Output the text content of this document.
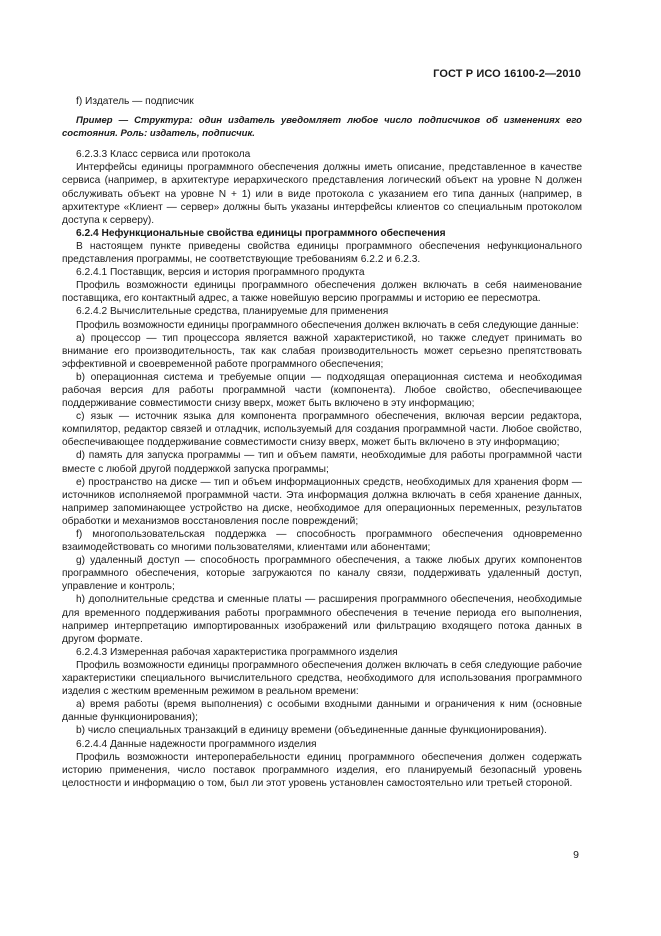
ГОСТ Р ИСО 16100-2—2010

f) Издатель — подписчик

Пример — Структура: один издатель уведомляет любое число подписчиков об изменениях его состояния. Роль: издатель, подписчик.

6.2.3.3 Класс сервиса или протокола

Интерфейсы единицы программного обеспечения должны иметь описание, представленное в качестве сервиса (например, в архитектуре иерархического представления логический объект на уровне N должен обслуживать объект на уровне N + 1) или в виде протокола с указанием его типа данных (например, в архитектуре «Клиент — сервер» должны быть указаны интерфейсы клиентов со специальным протоколом доступа к серверу).

6.2.4 Нефункциональные свойства единицы программного обеспечения

В настоящем пункте приведены свойства единицы программного обеспечения нефункционального представления программы, не соответствующие требованиям 6.2.2 и 6.2.3.

6.2.4.1 Поставщик, версия и история программного продукта

Профиль возможности единицы программного обеспечения должен включать в себя наименование поставщика, его контактный адрес, а также новейшую версию программы и историю ее пересмотра.

6.2.4.2 Вычислительные средства, планируемые для применения

Профиль возможности единицы программного обеспечения должен включать в себя следующие данные:

a) процессор — тип процессора является важной характеристикой, но также следует принимать во внимание его производительность, так как слабая производительность может серьезно препятствовать эффективной и своевременной работе программного обеспечения;

b) операционная система и требуемые опции — подходящая операционная система и необходимая рабочая версия для работы программной части (компонента). Любое свойство, обеспечивающее поддерживание совместимости снизу вверх, может быть включено в эту информацию;

c) язык — источник языка для компонента программного обеспечения, включая версии редактора, компилятор, редактор связей и отладчик, используемый для создания программной части. Любое свойство, обеспечивающее поддерживание совместимости снизу вверх, может быть включено в эту информацию;

d) память для запуска программы — тип и объем памяти, необходимые для работы программной части вместе с любой другой поддержкой запуска программы;

e) пространство на диске — тип и объем информационных средств, необходимых для хранения форм — источников исполняемой программной части. Эта информация должна включать в себя хранение данных, например запоминающее устройство на диске, необходимое для операционных переменных, результатов обработки и механизмов восстановления после повреждений;

f) многопользовательская поддержка — способность программного обеспечения одновременно взаимодействовать со многими пользователями, клиентами или абонентами;

g) удаленный доступ — способность программного обеспечения, а также любых других компонентов программного обеспечения, которые загружаются по каналу связи, поддерживать удаленный доступ, управление и контроль;

h) дополнительные средства и сменные платы — расширения программного обеспечения, необходимые для временного поддерживания работы программного обеспечения в течение периода его выполнения, например интерпретацию импортированных изображений или фильтрацию входящего потока данных в другом формате.

6.2.4.3 Измеренная рабочая характеристика программного изделия

Профиль возможности единицы программного обеспечения должен включать в себя следующие рабочие характеристики специального вычислительного средства, необходимого для использования программного изделия с жестким временным режимом в реальном времени:

a) время работы (время выполнения) с особыми входными данными и ограничения к ним (основные данные функционирования);

b) число специальных транзакций в единицу времени (объединенные данные функционирования).

6.2.4.4 Данные надежности программного изделия

Профиль возможности интероперабельности единиц программного обеспечения должен содержать историю применения, число поставок программного изделия, его планируемый безопасный уровень целостности и информацию о том, был ли этот уровень установлен самостоятельно или третьей стороной.

9
